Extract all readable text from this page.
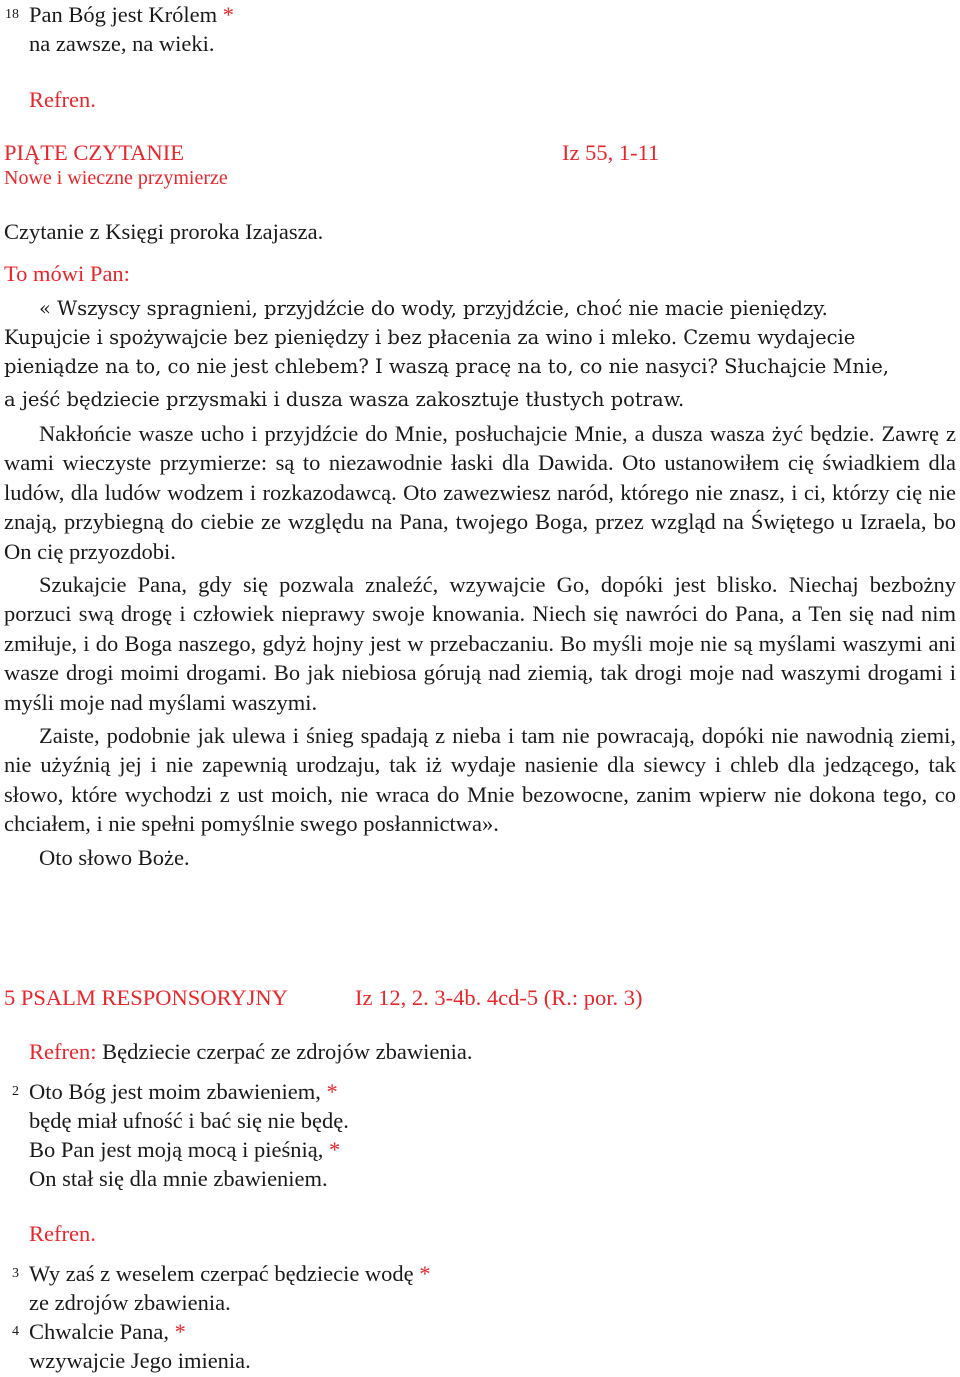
18 Pan Bóg jest Królem *
na zawsze, na wieki.
Refren.
PIĄTE CZYTANIE	Iz 55, 1-11
Nowe i wieczne przymierze
Czytanie z Księgi proroka Izajasza.
To mówi Pan:
« Wszyscy spragnieni, przyjdźcie do wody, przyjdźcie, choć nie macie pieniędzy.
Kupujcie i spożywajcie bez pieniędzy i bez płacenia za wino i mleko. Czemu wydajecie
pieniądze na to, co nie jest chlebem? I waszą pracę na to, co nie nasyci? Słuchajcie Mnie,
a jeść będziecie przysmaki i dusza wasza zakosztuje tłustych potraw.

Nakłońcie wasze ucho i przyjdźcie do Mnie, posłuchajcie Mnie, a dusza wasza żyć będzie. Zawrę z wami wieczyste przymierze: są to niezawodnie łaski dla Dawida. Oto ustanowiłem cię świadkiem dla ludów, dla ludów wodzem i rozkazodawcą. Oto zawezwiesz naród, którego nie znasz, i ci, którzy cię nie znają, przybiegną do ciebie ze względu na Pana, twojego Boga, przez wzgląd na Świętego u Izraela, bo On cię przyozdobi.

Szukajcie Pana, gdy się pozwala znaleźć, wzywajcie Go, dopóki jest blisko. Niechaj bezbożny porzuci swą drogę i człowiek nieprawy swoje knowania. Niech się nawróci do Pana, a Ten się nad nim zmiłuje, i do Boga naszego, gdyż hojny jest w przebaczaniu. Bo myśli moje nie są myślami waszymi ani wasze drogi moimi drogami. Bo jak niebiosa górują nad ziemią, tak drogi moje nad waszymi drogami i myśli moje nad myślami waszymi.

Zaiste, podobnie jak ulewa i śnieg spadają z nieba i tam nie powracają, dopóki nie nawodnią ziemi, nie użyźnią jej i nie zapewnią urodzaju, tak iż wydaje nasienie dla siewcy i chleb dla jedzącego, tak słowo, które wychodzi z ust moich, nie wraca do Mnie bezowocne, zanim wpierw nie dokona tego, co chciałem, i nie spełni pomyślnie swego posłannictwa».

Oto słowo Boże.

5 PSALM RESPONSORYJNY	Iz 12, 2. 3-4b. 4cd-5 (R.: por. 3)
Refren: Będziecie czerpać ze zdrojów zbawienia.
2 Oto Bóg jest moim zbawieniem, *
będę miał ufność i bać się nie będę.
Bo Pan jest moją mocą i pieśnią, *
On stał się dla mnie zbawieniem.
Refren.
3 Wy zaś z weselem czerpać będziecie wodę *
ze zdrojów zbawienia.
4 Chwalcie Pana, *
wzywajcie Jego imienia.
